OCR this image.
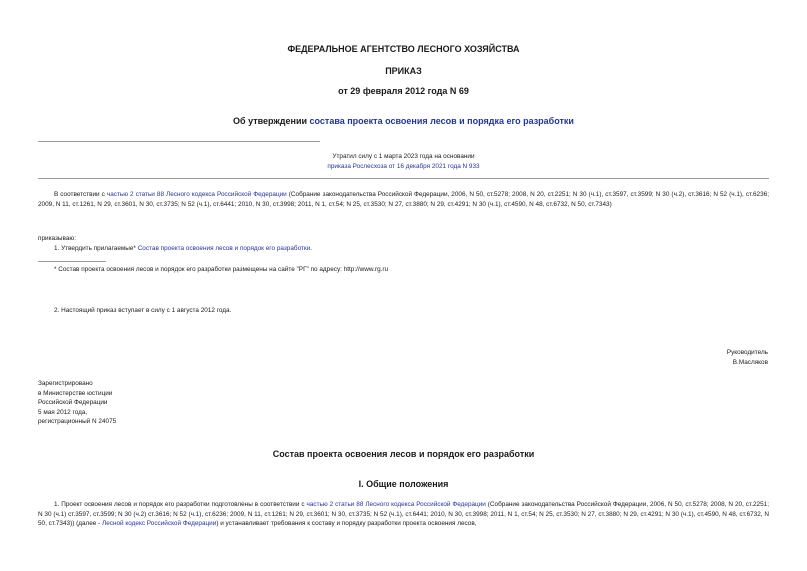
ФЕДЕРАЛЬНОЕ АГЕНТСТВО ЛЕСНОГО ХОЗЯЙСТВА
ПРИКАЗ
от 29 февраля 2012 года N 69
Об утверждении состава проекта освоения лесов и порядка его разработки
Утратил силу с 1 марта 2023 года на основании
приказа Рослесхоза от 16 декабря 2021 года N 933
В соответствии с частью 2 статьи 88 Лесного кодекса Российской Федерации (Собрание законодательства Российской Федерации, 2006, N 50, ст.5278; 2008, N 20, ст.2251; N 30 (ч.1), ст.3597, ст.3599; N 30 (ч.2), ст.3616; N 52 (ч.1), ст.6236; 2009, N 11, ст.1261, N 29, ст.3601, N 30, ст.3735; N 52 (ч.1), ст.6441; 2010, N 30, ст.3998; 2011, N 1, ст.54; N 25, ст.3530; N 27, ст.3880; N 29, ст.4291; N 30 (ч.1), ст.4590, N 48, ст.6732, N 50, ст.7343)
приказываю:
1. Утвердить прилагаемые* Состав проекта освоения лесов и порядок его разработки.
* Состав проекта освоения лесов и порядок его разработки размещены на сайте "РГ" по адресу: http://www.rg.ru
2. Настоящий приказ вступает в силу с 1 августа 2012 года.
Руководитель
В.Масляков
Зарегистрировано
в Министерстве юстиции
Российской Федерации
5 мая 2012 года,
регистрационный N 24075
Состав проекта освоения лесов и порядок его разработки
I. Общие положения
1. Проект освоения лесов и порядок его разработки подготовлены в соответствии с частью 2 статьи 88 Лесного кодекса Российской Федерации (Собрание законодательства Российской Федерации, 2006, N 50, ст.5278; 2008, N 20, ст.2251; N 30 (ч.1) ст.3597, ст.3599; N 30 (ч.2) ст.3616; N 52 (ч.1), ст.6236; 2009, N 11, ст.1261; N 29, ст.3601; N 30, ст.3735; N 52 (ч.1), ст.6441; 2010, N 30, ст.3998; 2011, N 1, ст.54; N 25, ст.3530; N 27, ст.3880; N 29, ст.4291; N 30 (ч.1), ст.4590, N 48, ст.6732, N 50, ст.7343)) (далее - Лесной кодекс Российской Федерации) и устанавливает требования к составу и порядку разработки проекта освоения лесов,
